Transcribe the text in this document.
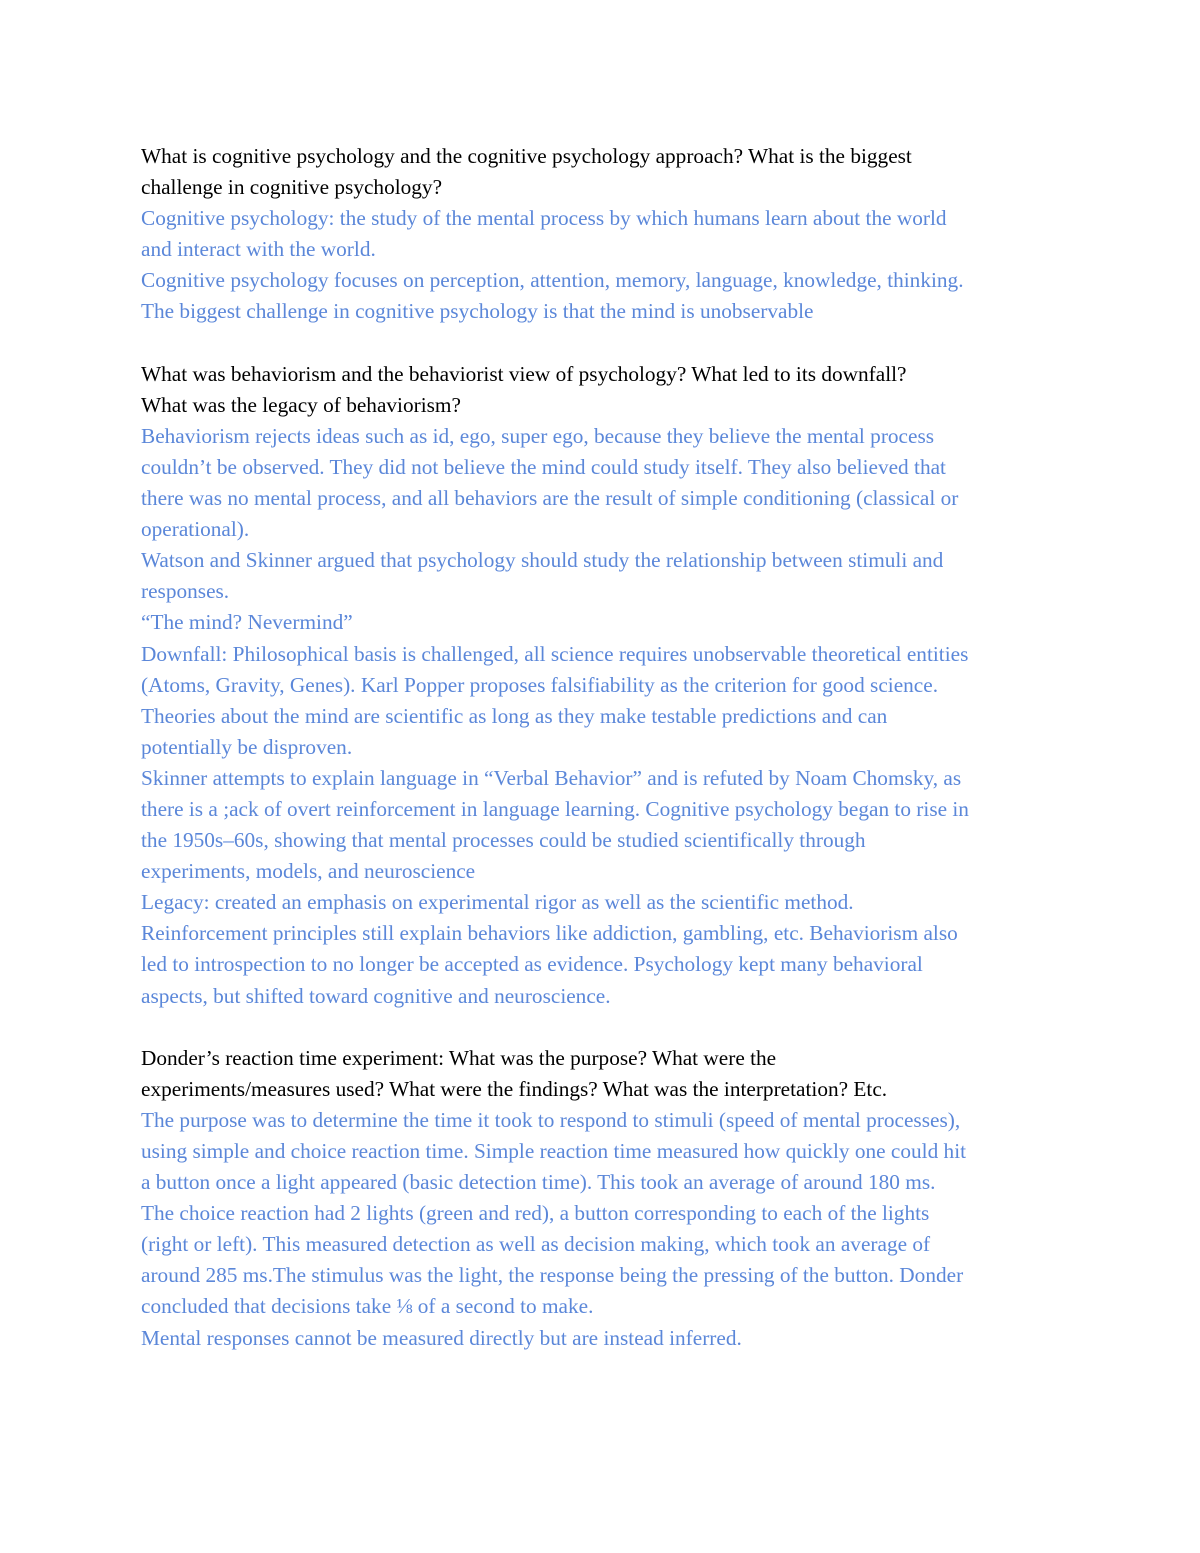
What is cognitive psychology and the cognitive psychology approach? What is the biggest
challenge in cognitive psychology?
Cognitive psychology: the study of the mental process by which humans learn about the world
and interact with the world.
Cognitive psychology focuses on perception, attention, memory, language, knowledge, thinking.
The biggest challenge in cognitive psychology is that the mind is unobservable
What was behaviorism and the behaviorist view of psychology? What led to its downfall?
What was the legacy of behaviorism?
Behaviorism rejects ideas such as id, ego, super ego, because they believe the mental process
couldn’t be observed. They did not believe the mind could study itself. They also believed that
there was no mental process, and all behaviors are the result of simple conditioning (classical or
operational).
Watson and Skinner argued that psychology should study the relationship between stimuli and
responses.
“The mind? Nevermind”
Downfall: Philosophical basis is challenged, all science requires unobservable theoretical entities
(Atoms, Gravity, Genes). Karl Popper proposes falsifiability as the criterion for good science.
Theories about the mind are scientific as long as they make testable predictions and can
potentially be disproven.
Skinner attempts to explain language in “Verbal Behavior” and is refuted by Noam Chomsky, as
there is a ;ack of overt reinforcement in language learning. Cognitive psychology began to rise in
the 1950s–60s, showing that mental processes could be studied scientifically through
experiments, models, and neuroscience
Legacy: created an emphasis on experimental rigor as well as the scientific method.
Reinforcement principles still explain behaviors like addiction, gambling, etc. Behaviorism also
led to introspection to no longer be accepted as evidence. Psychology kept many behavioral
aspects, but shifted toward cognitive and neuroscience.
Donder’s reaction time experiment: What was the purpose? What were the
experiments/measures used? What were the findings? What was the interpretation? Etc.
The purpose was to determine the time it took to respond to stimuli (speed of mental processes),
using simple and choice reaction time. Simple reaction time measured how quickly one could hit
a button once a light appeared (basic detection time). This took an average of around 180 ms.
The choice reaction had 2 lights (green and red), a button corresponding to each of the lights
(right or left). This measured detection as well as decision making, which took an average of
around 285 ms.The stimulus was the light, the response being the pressing of the button. Donder
concluded that decisions take ⅛ of a second to make.
Mental responses cannot be measured directly but are instead inferred.
